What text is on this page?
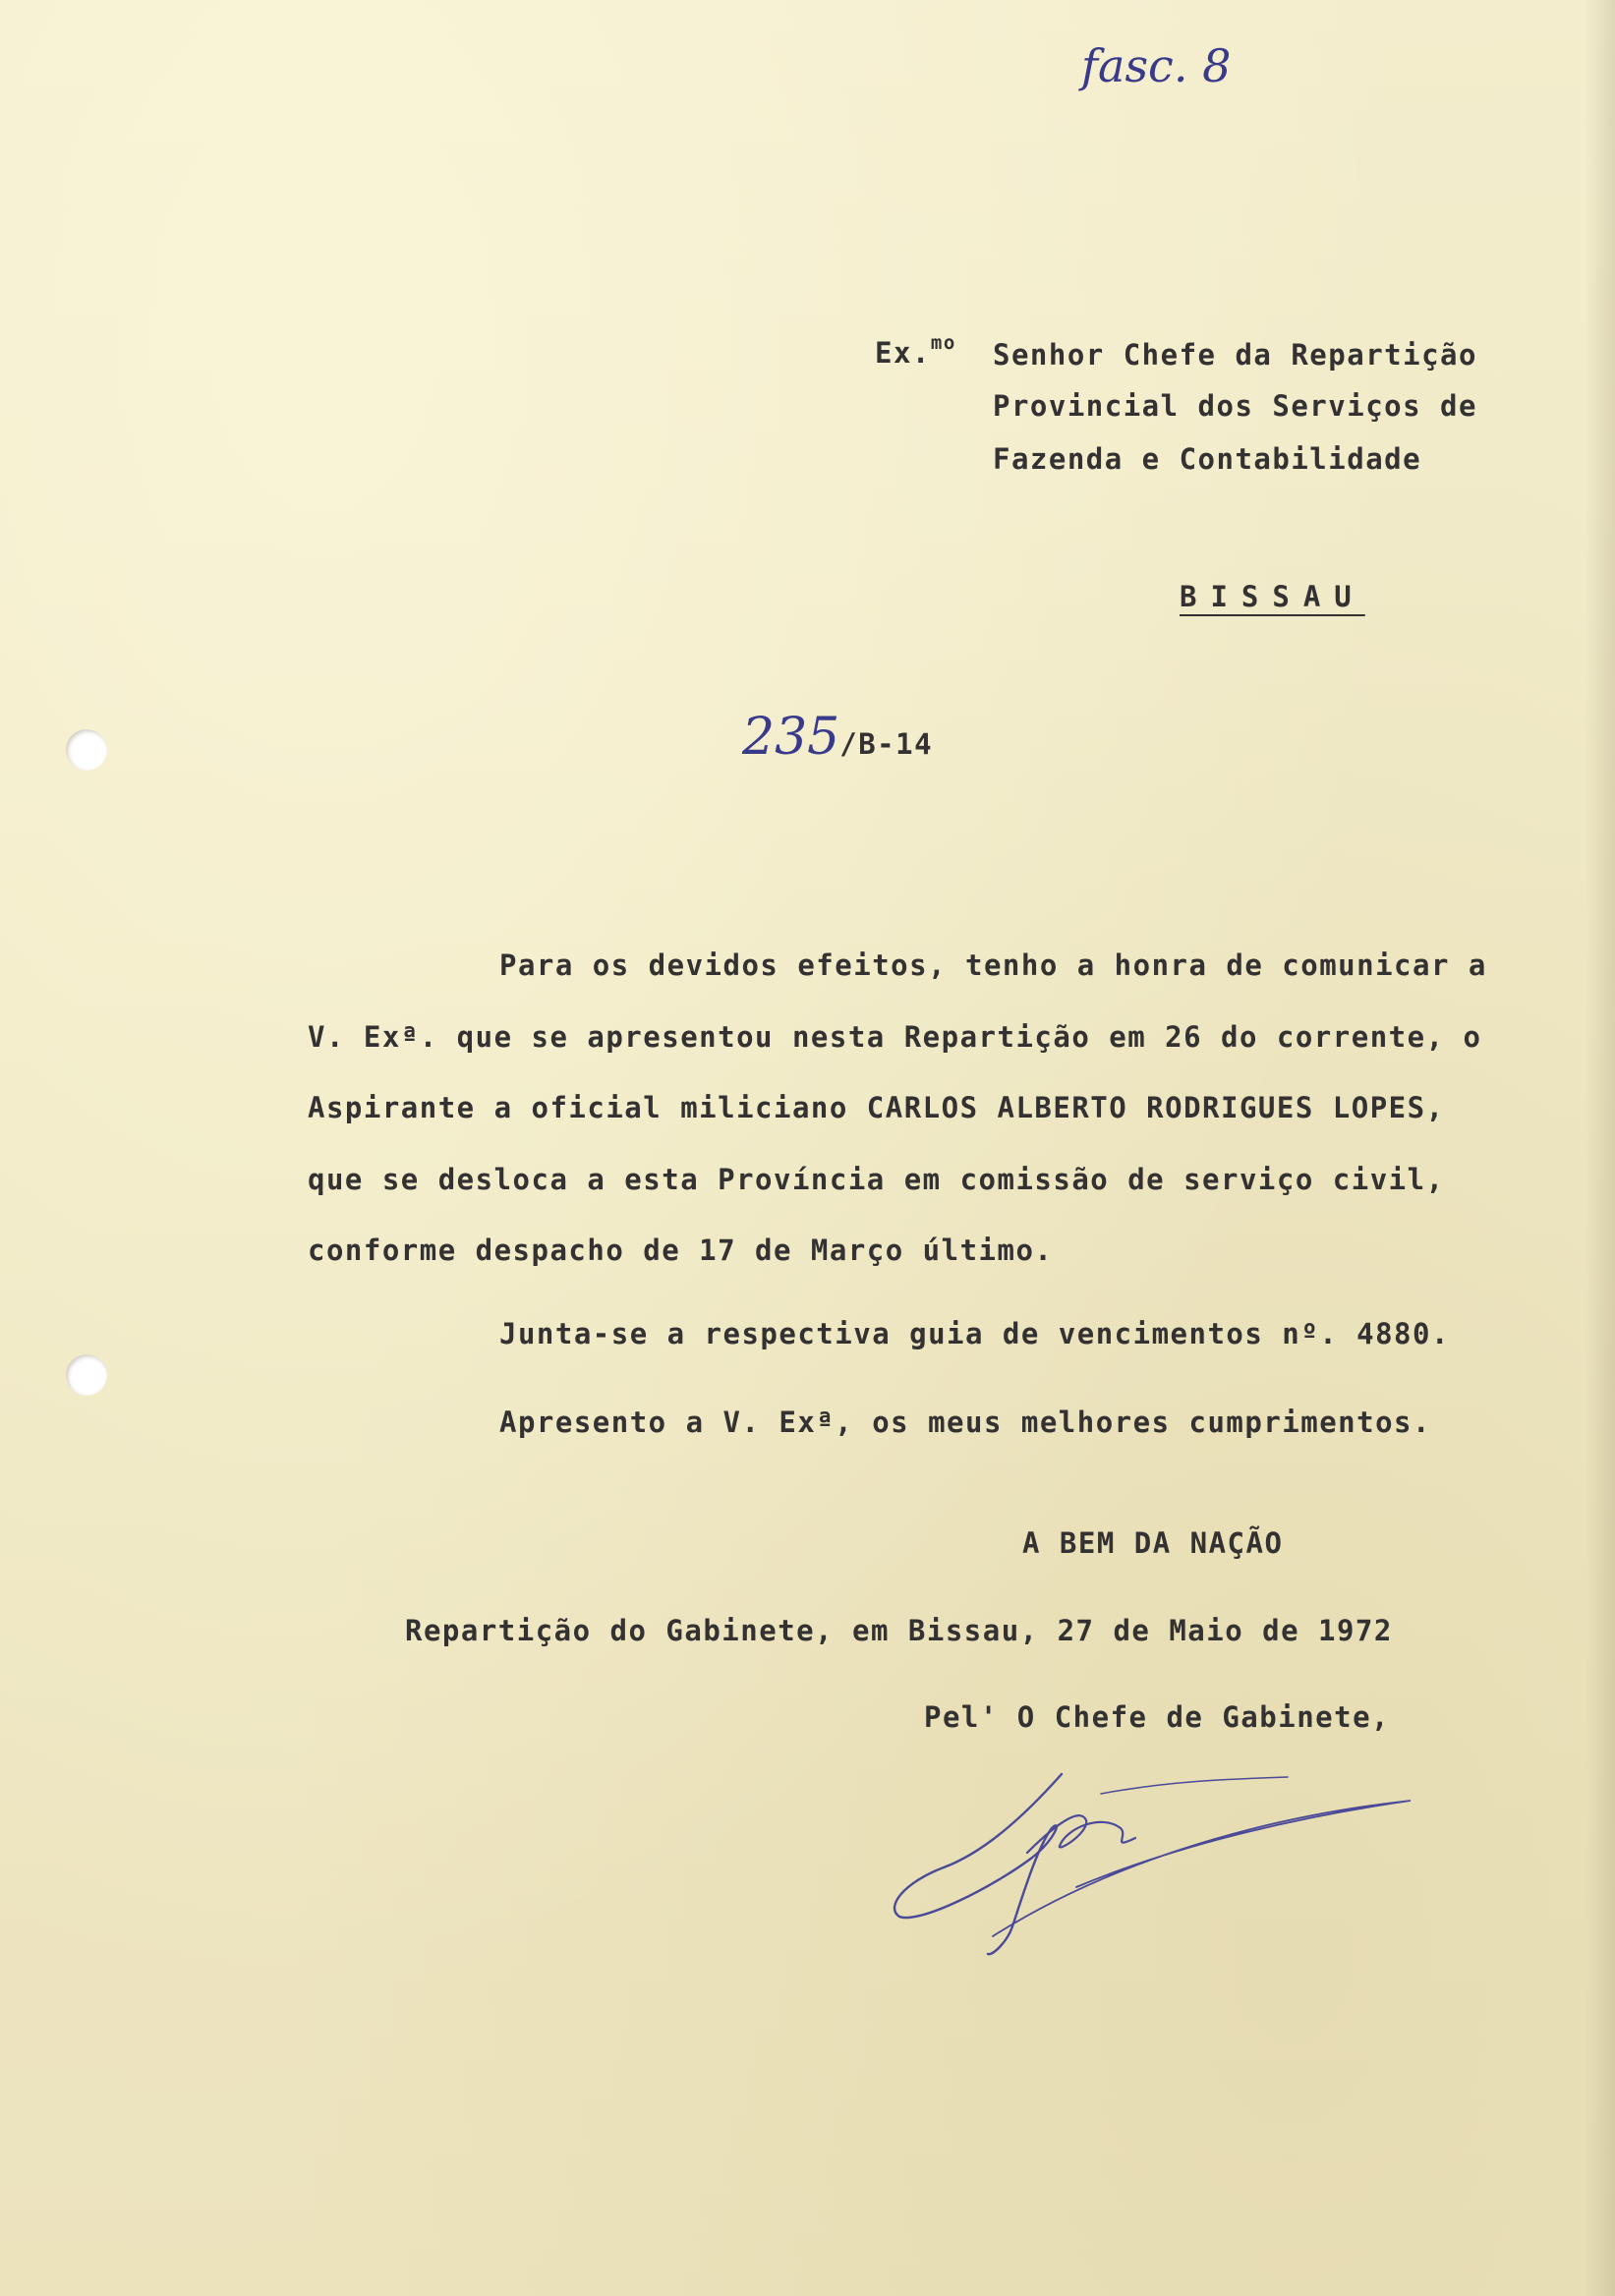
fasc. 8
Ex.$^{mo}$ Senhor Chefe da Repartição
Provincial dos Serviços de
Fazenda e Contabilidade
BISSAU
235/B-14
Para os devidos efeitos, tenho a honra de comunicar a
V. Exª. que se apresentou nesta Repartição em 26 do corrente, o
Aspirante a oficial miliciano CARLOS ALBERTO RODRIGUES LOPES,
que se desloca a esta Província em comissão de serviço civil,
conforme despacho de 17 de Março último.
Junta-se a respectiva guia de vencimentos nº. 4880.
Apresento a V. Exª, os meus melhores cumprimentos.
A BEM DA NAÇÃO
Repartição do Gabinete, em Bissau, 27 de Maio de 1972
Pel' O Chefe de Gabinete,
